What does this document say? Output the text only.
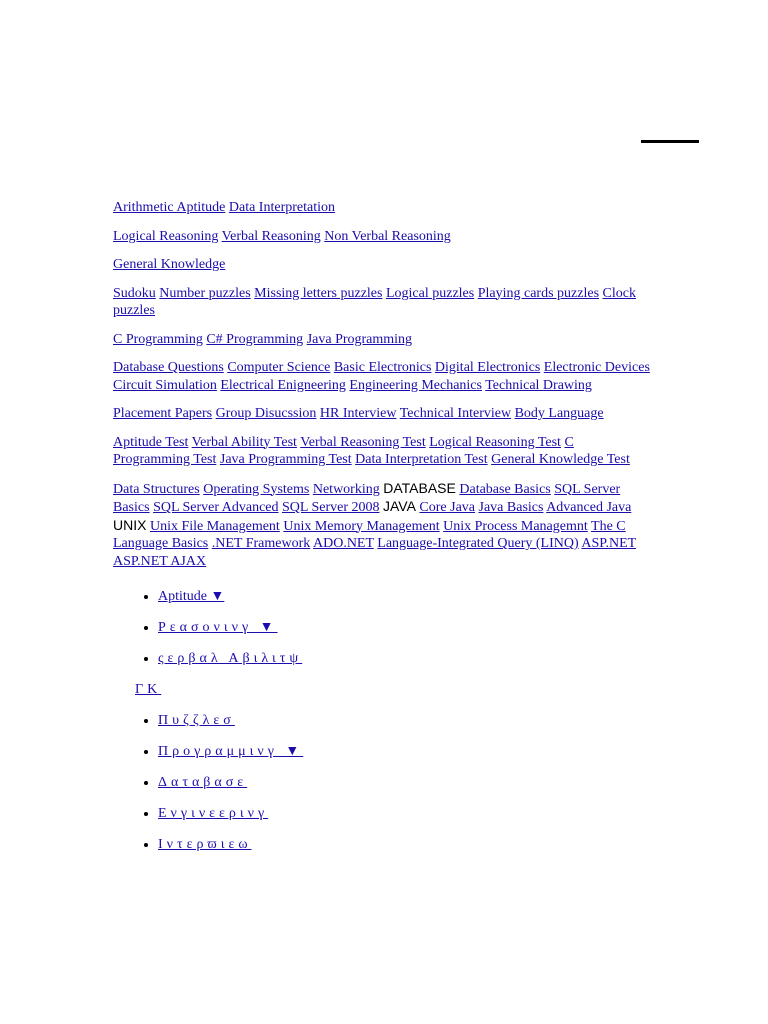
Arithmetic Aptitude Data Interpretation

Logical Reasoning Verbal Reasoning Non Verbal Reasoning

General Knowledge

Sudoku Number puzzles Missing letters puzzles Logical puzzles Playing cards puzzles Clock puzzles

C Programming C# Programming Java Programming

Database Questions Computer Science Basic Electronics Digital Electronics Electronic Devices Circuit Simulation Electrical Enigneering Engineering Mechanics Technical Drawing

Placement Papers Group Disucssion HR Interview Technical Interview Body Language

Aptitude Test Verbal Ability Test Verbal Reasoning Test Logical Reasoning Test C Programming Test Java Programming Test Data Interpretation Test General Knowledge Test

Data Structures Operating Systems Networking DATABASE Database Basics SQL Server Basics SQL Server Advanced SQL Server 2008 JAVA Core Java Java Basics Advanced Java UNIX Unix File Management Unix Memory Management Unix Process Managemnt The C Language Basics .NET Framework ADO.NET Language-Integrated Query (LINQ) ASP.NET ASP.NET AJAX

• Aptitude ▼
• Ρεασονινγ ▼
• ςερβαλ Αβιλιτψ
ΓΚ
• Πυζζλεσ
• Προγραμμινγ ▼
• Δαταβασε
• Ενγινεερινγ
• Ιντερϖιεω
